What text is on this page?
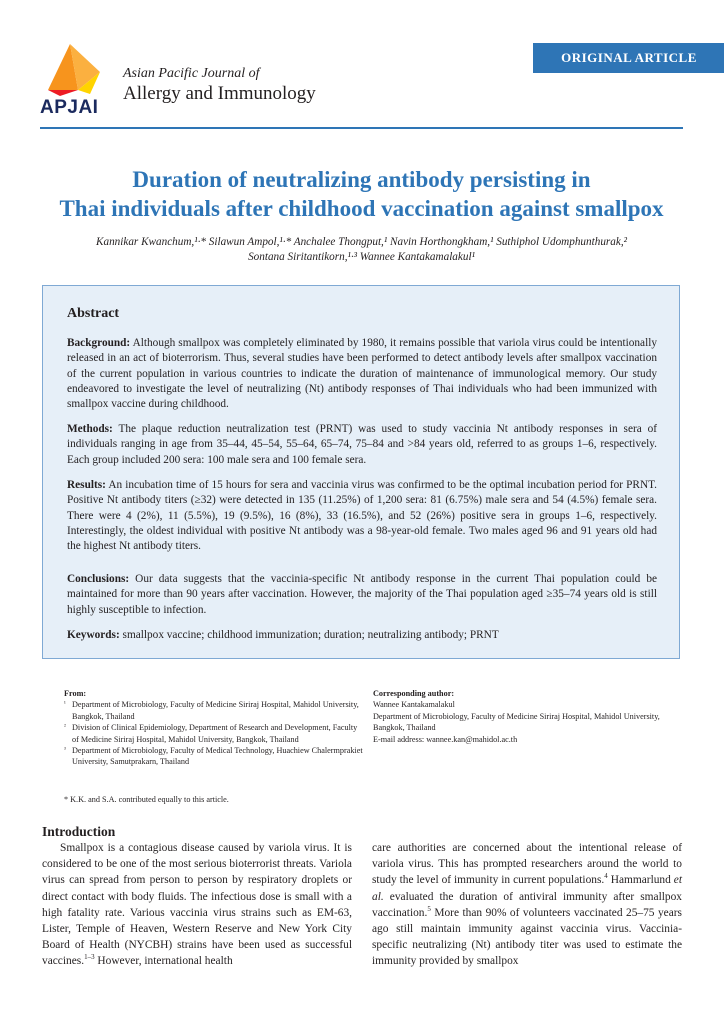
ORIGINAL ARTICLE
APJAI
Asian Pacific Journal of
Allergy and Immunology
Duration of neutralizing antibody persisting in
Thai individuals after childhood vaccination against smallpox
Kannikar Kwanchum,¹·* Silawun Ampol,¹·* Anchalee Thongput,¹ Navin Horthongkham,¹ Suthiphol Udomphunthurak,²
Sontana Siritantikorn,¹·³ Wannee Kantakamalakul¹
Abstract

Background: Although smallpox was completely eliminated by 1980, it remains possible that variola virus could be intentionally released in an act of bioterrorism. Thus, several studies have been performed to detect antibody levels after smallpox vaccination of the current population in various countries to indicate the duration of maintenance of immunological memory. Our study endeavored to investigate the level of neutralizing (Nt) antibody responses of Thai individuals who had been immunized with smallpox vaccine during childhood.

Methods: The plaque reduction neutralization test (PRNT) was used to study vaccinia Nt antibody responses in sera of individuals ranging in age from 35–44, 45–54, 55–64, 65–74, 75–84 and >84 years old, referred to as groups 1–6, respectively. Each group included 200 sera: 100 male sera and 100 female sera.

Results: An incubation time of 15 hours for sera and vaccinia virus was confirmed to be the optimal incubation period for PRNT. Positive Nt antibody titers (≥32) were detected in 135 (11.25%) of 1,200 sera: 81 (6.75%) male sera and 54 (4.5%) female sera. There were 4 (2%), 11 (5.5%), 19 (9.5%), 16 (8%), 33 (16.5%), and 52 (26%) positive sera in groups 1–6, respectively. Interestingly, the oldest individual with positive Nt antibody was a 98-year-old female. Two males aged 96 and 91 years old had the highest Nt antibody titers.

Conclusions: Our data suggests that the vaccinia-specific Nt antibody response in the current Thai population could be maintained for more than 90 years after vaccination. However, the majority of the Thai population aged ≥35–74 years old is still highly susceptible to infection.

Keywords: smallpox vaccine; childhood immunization; duration; neutralizing antibody; PRNT

From:
¹ Department of Microbiology, Faculty of Medicine Siriraj Hospital, Mahidol University, Bangkok, Thailand
² Division of Clinical Epidemiology, Department of Research and Development, Faculty of Medicine Siriraj Hospital, Mahidol University, Bangkok, Thailand
³ Department of Microbiology, Faculty of Medical Technology, Huachiew Chalermprakiet University, Samutprakarn, Thailand
Corresponding author:
Wannee Kantakamalakul
Department of Microbiology, Faculty of Medicine Siriraj Hospital, Mahidol University, Bangkok, Thailand
E-mail address: wannee.kan@mahidol.ac.th
* K.K. and S.A. contributed equally to this article.
Introduction

Smallpox is a contagious disease caused by variola virus. It is considered to be one of the most serious bioterrorist threats. Variola virus can spread from person to person by respiratory droplets or direct contact with body fluids. The infectious dose is small with a high fatality rate. Various vaccinia virus strains such as EM-63, Lister, Temple of Heaven, Western Reserve and New York City Board of Health (NYCBH) strains have been used as successful vaccines.$^{1-3}$ However, international health

care authorities are concerned about the intentional release of variola virus. This has prompted researchers around the world to study the level of immunity in current populations.$^4$ Hammarlund et al. evaluated the duration of antiviral immunity after smallpox vaccination.$^5$ More than 90% of volunteers vaccinated 25–75 years ago still maintain immunity against vaccinia virus. Vaccinia-specific neutralizing (Nt) antibody titer was used to estimate the immunity provided by smallpox
